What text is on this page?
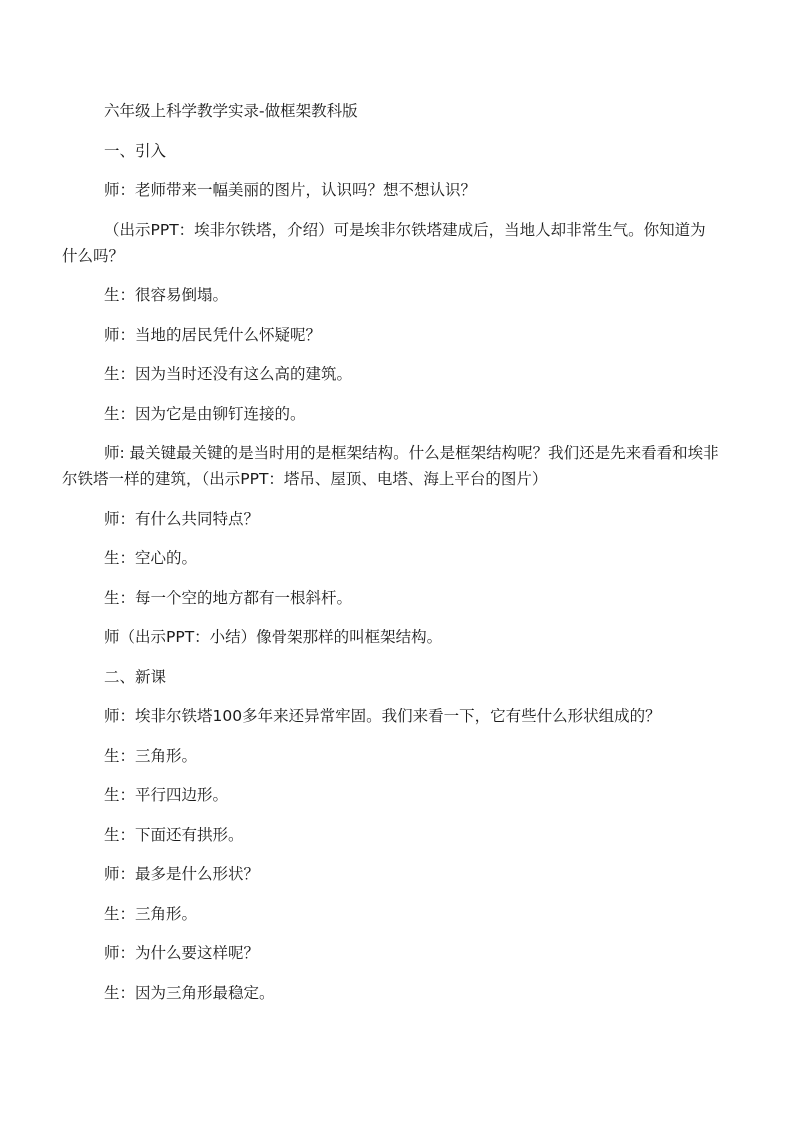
六年级上科学教学实录-做框架教科版

一、引入

师：老师带来一幅美丽的图片，认识吗？想不想认识？

（出示PPT：埃非尔铁塔，介绍）可是埃非尔铁塔建成后，当地人却非常生气。你知道为什么吗？

生：很容易倒塌。

师：当地的居民凭什么怀疑呢？

生：因为当时还没有这么高的建筑。

生：因为它是由铆钉连接的。

师: 最关键最关键的是当时用的是框架结构。什么是框架结构呢？我们还是先来看看和埃非尔铁塔一样的建筑，（出示PPT：塔吊、屋顶、电塔、海上平台的图片）

师：有什么共同特点？

生：空心的。

生：每一个空的地方都有一根斜杆。

师（出示PPT：小结）像骨架那样的叫框架结构。

二、新课

师：埃非尔铁塔100多年来还异常牢固。我们来看一下，它有些什么形状组成的？

生：三角形。

生：平行四边形。

生：下面还有拱形。

师：最多是什么形状？

生：三角形。

师：为什么要这样呢？

生：因为三角形最稳定。
